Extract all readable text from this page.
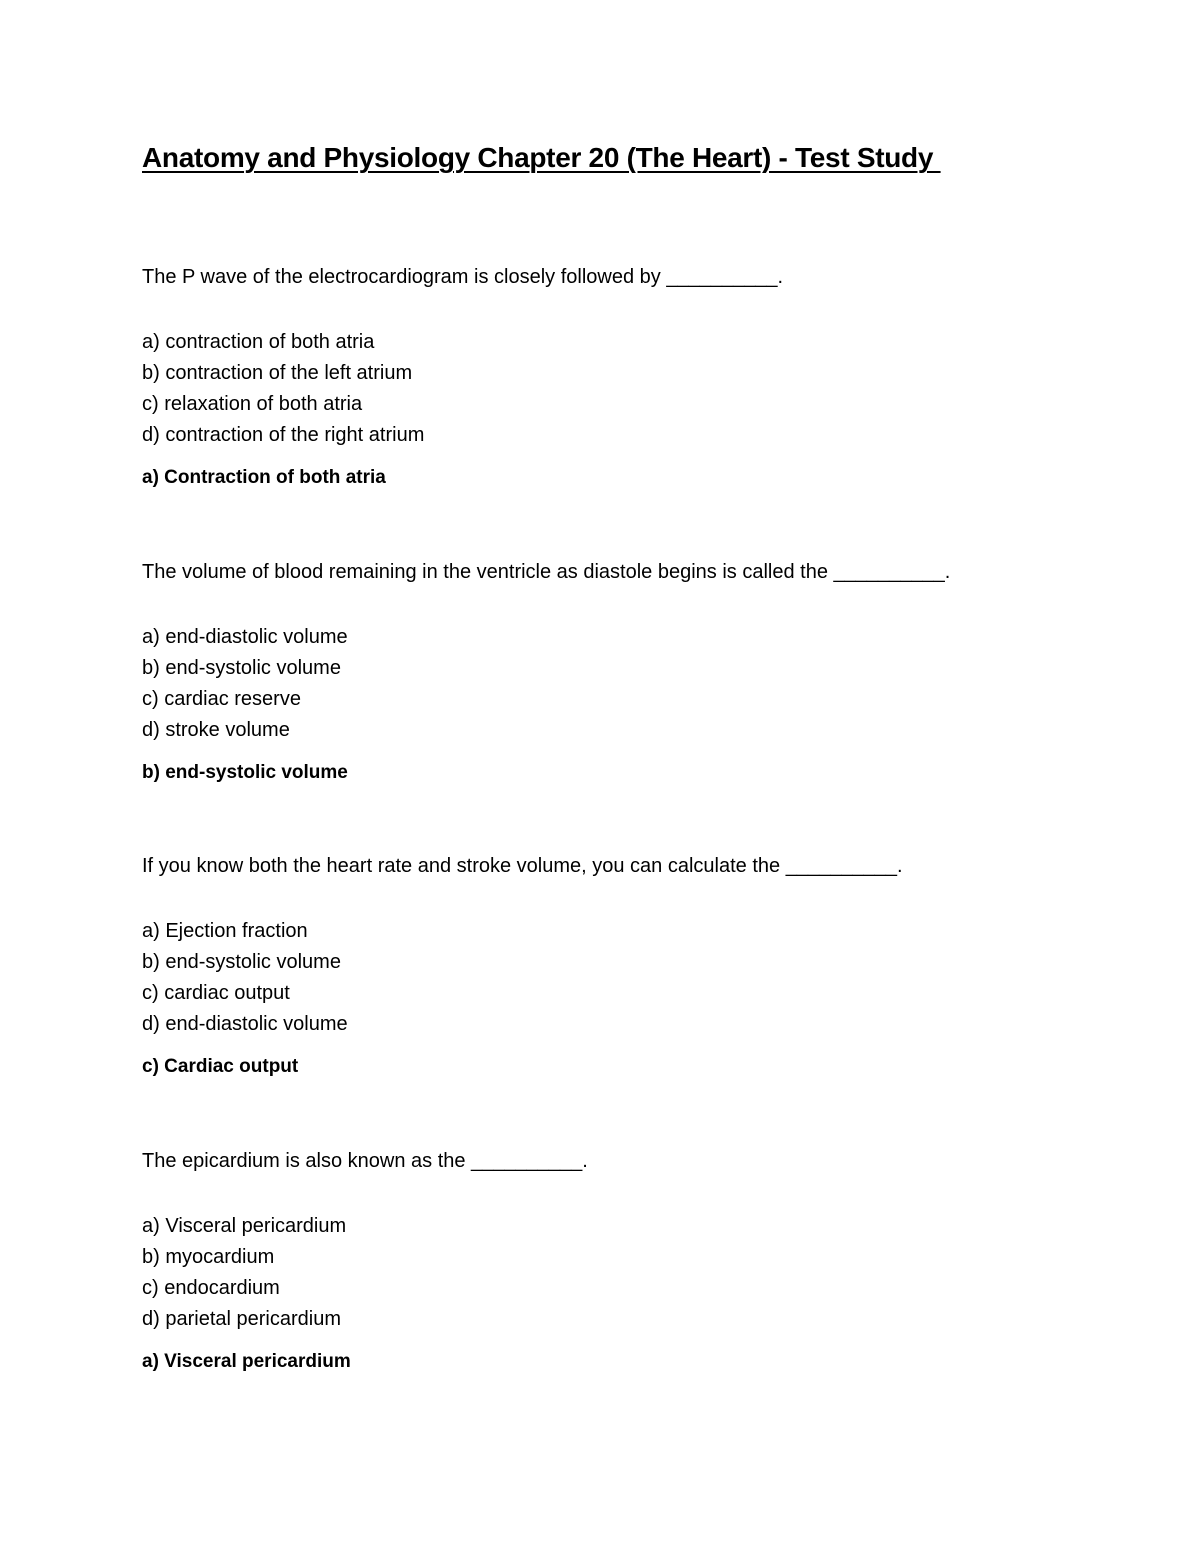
Anatomy and Physiology Chapter 20 (The Heart) - Test Study

The P wave of the electrocardiogram is closely followed by __________.

a) contraction of both atria
b) contraction of the left atrium
c) relaxation of both atria
d) contraction of the right atrium

a) Contraction of both atria

The volume of blood remaining in the ventricle as diastole begins is called the __________.

a) end-diastolic volume
b) end-systolic volume
c) cardiac reserve
d) stroke volume

b) end-systolic volume

If you know both the heart rate and stroke volume, you can calculate the __________.

a) Ejection fraction
b) end-systolic volume
c) cardiac output
d) end-diastolic volume

c) Cardiac output

The epicardium is also known as the __________.

a) Visceral pericardium
b) myocardium
c) endocardium
d) parietal pericardium

a) Visceral pericardium
